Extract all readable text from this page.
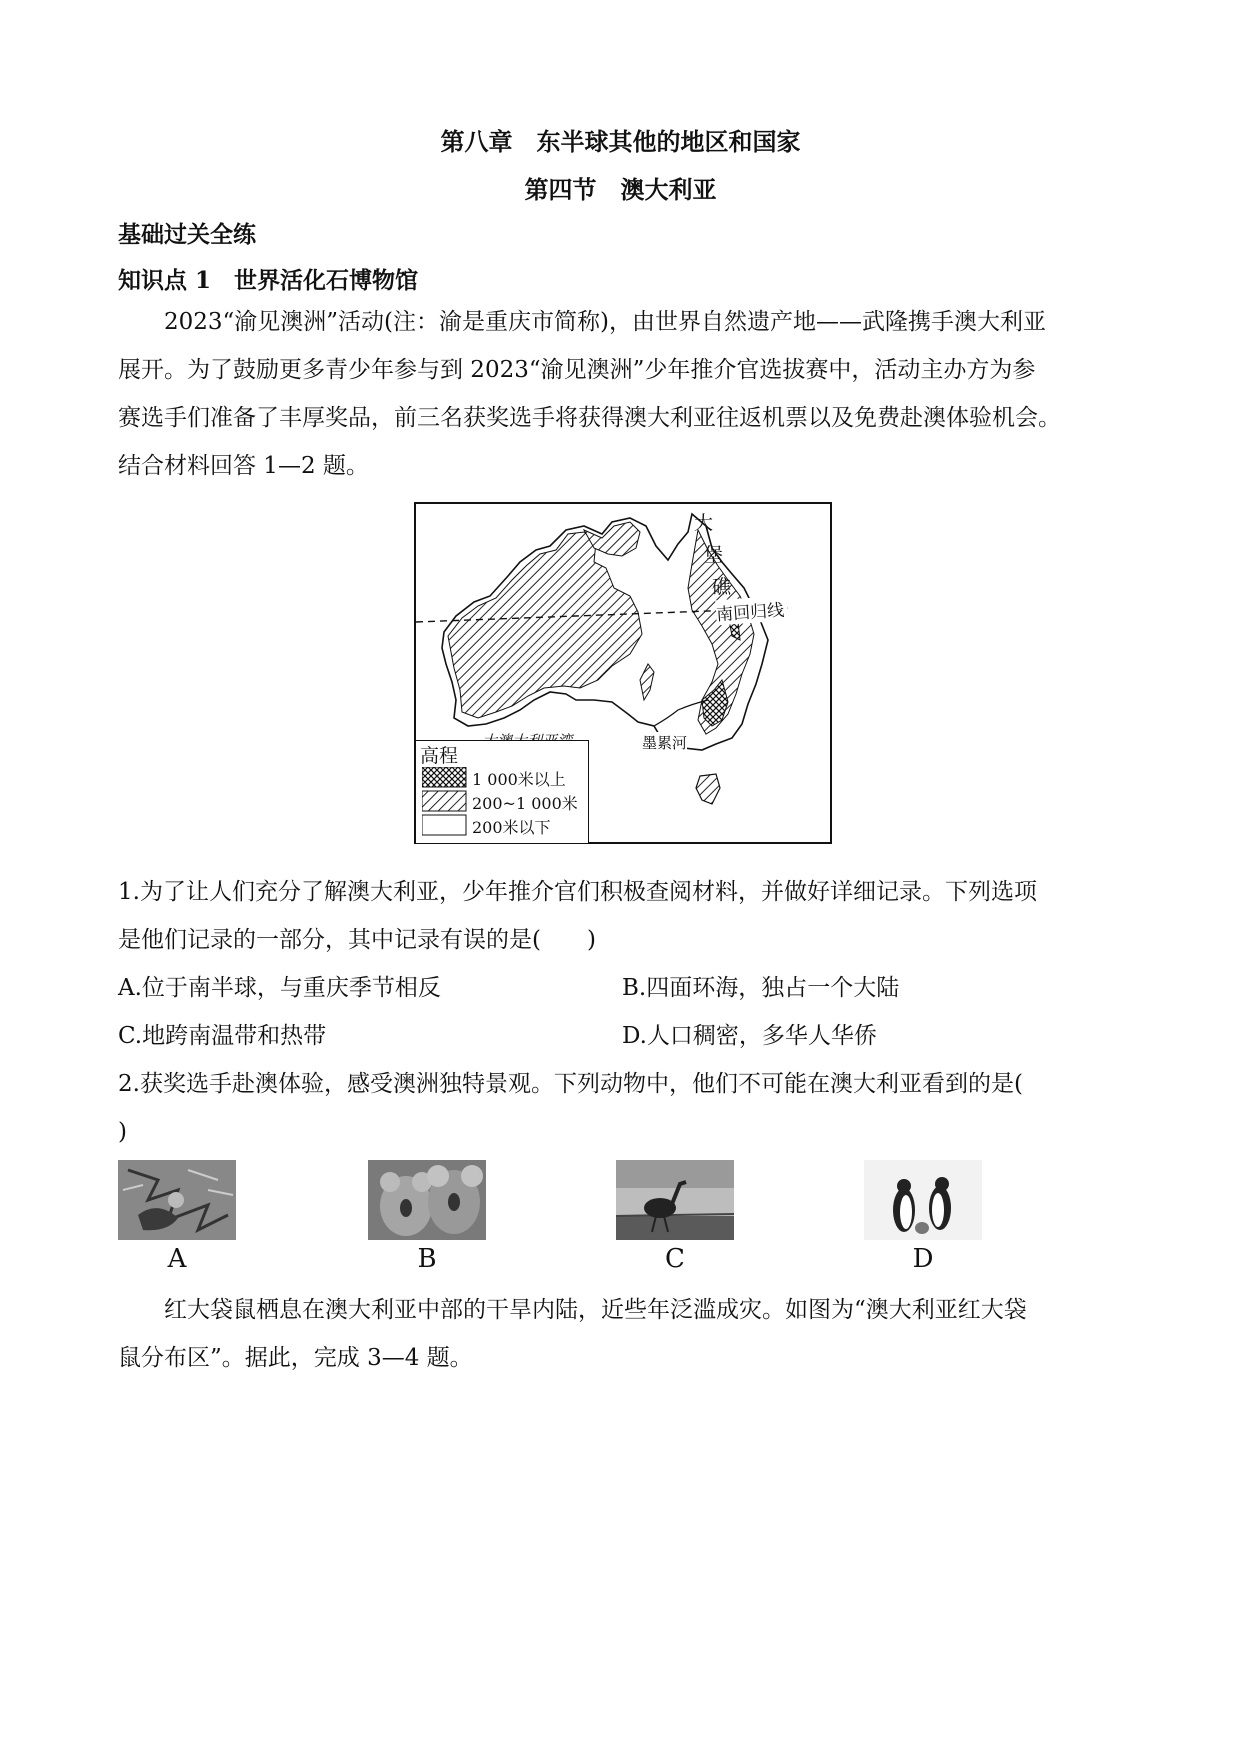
第八章　东半球其他的地区和国家
第四节　澳大利亚
基础过关全练
知识点 1　世界活化石博物馆
　　2023“渝见澳洲”活动(注：渝是重庆市简称)，由世界自然遗产地——武隆携手澳大利亚
展开。为了鼓励更多青少年参与到 2023“渝见澳洲”少年推介官选拔赛中，活动主办方为参
赛选手们准备了丰厚奖品，前三名获奖选手将获得澳大利亚往返机票以及免费赴澳体验机会。
结合材料回答 1—2 题。
大
堡
礁
南回归线
墨累河
高程
1 000米以上
200~1 000米
200米以下
1.为了让人们充分了解澳大利亚，少年推介官们积极查阅材料，并做好详细记录。下列选项
是他们记录的一部分，其中记录有误的是(　　)
A.位于南半球，与重庆季节相反	B.四面环海，独占一个大陆
C.地跨南温带和热带	D.人口稠密，多华人华侨
2.获奖选手赴澳体验，感受澳洲独特景观。下列动物中，他们不可能在澳大利亚看到的是(
)
A	B	C	D
　　红大袋鼠栖息在澳大利亚中部的干旱内陆，近些年泛滥成灾。如图为“澳大利亚红大袋
鼠分布区”。据此，完成 3—4 题。
